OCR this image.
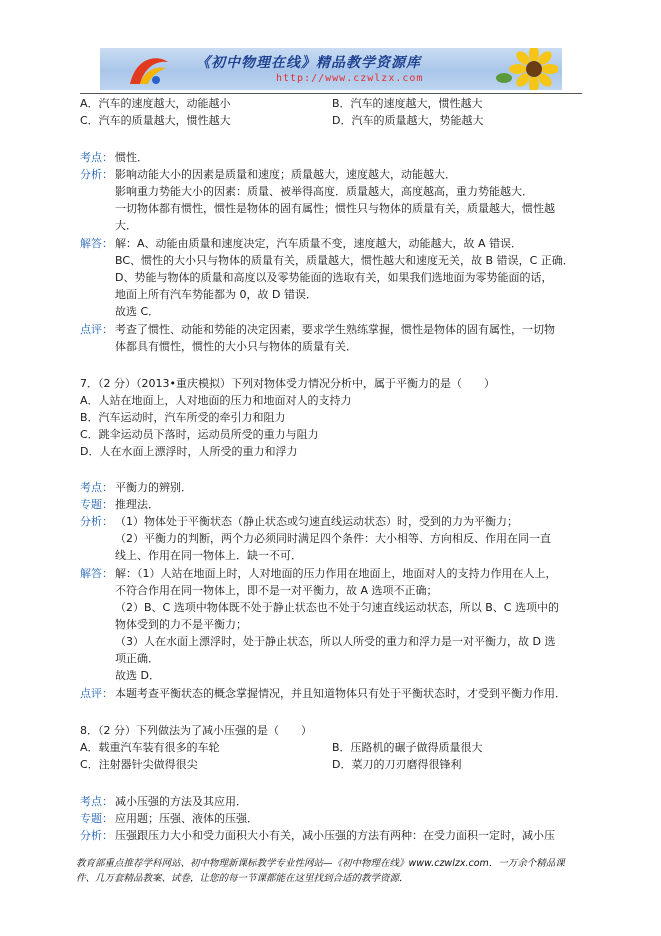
《初中物理在线》精品教学资源库
http://www.czwlzx.com
A．汽车的速度越大，动能越小	B．汽车的速度越大，惯性越大
C．汽车的质量越大，惯性越大	D．汽车的质量越大，势能越大
考点： 惯性．
分析： 影响动能大小的因素是质量和速度；质量越大，速度越大，动能越大．
影响重力势能大小的因素：质量、被举得高度．质量越大，高度越高，重力势能越大．
一切物体都有惯性，惯性是物体的固有属性；惯性只与物体的质量有关，质量越大，惯性越
大．
解答： 解：A、动能由质量和速度决定，汽车质量不变，速度越大，动能越大，故 A 错误．
BC、惯性的大小只与物体的质量有关，质量越大，惯性越大和速度无关，故 B 错误，C 正确．
D、势能与物体的质量和高度以及零势能面的选取有关，如果我们选地面为零势能面的话，
地面上所有汽车势能都为 0，故 D 错误．
故选 C．
点评： 考查了惯性、动能和势能的决定因素，要求学生熟练掌握，惯性是物体的固有属性，一切物
体都具有惯性，惯性的大小只与物体的质量有关．
7．（2 分）（2013•重庆模拟）下列对物体受力情况分析中，属于平衡力的是（　　）
A．人站在地面上，人对地面的压力和地面对人的支持力
B．汽车运动时，汽车所受的牵引力和阻力
C．跳伞运动员下落时，运动员所受的重力与阻力
D．人在水面上漂浮时，人所受的重力和浮力
考点： 平衡力的辨别．
专题： 推理法．
分析： （1）物体处于平衡状态（静止状态或匀速直线运动状态）时，受到的力为平衡力；
（2）平衡力的判断，两个力必须同时满足四个条件：大小相等、方向相反、作用在同一直
线上、作用在同一物体上．缺一不可．
解答： 解：（1）人站在地面上时，人对地面的压力作用在地面上，地面对人的支持力作用在人上，
不符合作用在同一物体上，即不是一对平衡力，故 A 选项不正确；
（2）B、C 选项中物体既不处于静止状态也不处于匀速直线运动状态，所以 B、C 选项中的
物体受到的力不是平衡力；
（3）人在水面上漂浮时，处于静止状态，所以人所受的重力和浮力是一对平衡力，故 D 选
项正确．
故选 D．
点评： 本题考查平衡状态的概念掌握情况，并且知道物体只有处于平衡状态时，才受到平衡力作用．
8．（2 分）下列做法为了减小压强的是（　　）
A．载重汽车装有很多的车轮	B．压路机的碾子做得质量很大
C．注射器针尖做得很尖	D．菜刀的刀刃磨得很锋利
考点： 减小压强的方法及其应用．
专题： 应用题；压强、液体的压强．
分析： 压强跟压力大小和受力面积大小有关，减小压强的方法有两种：在受力面积一定时，减小压
教育部重点推荐学科网站、初中物理新课标教学专业性网站—《初中物理在线》www.czwlzx.com．一万余个精品课
件、几万套精品教案、试卷，让您的每一节课都能在这里找到合适的教学资源．
